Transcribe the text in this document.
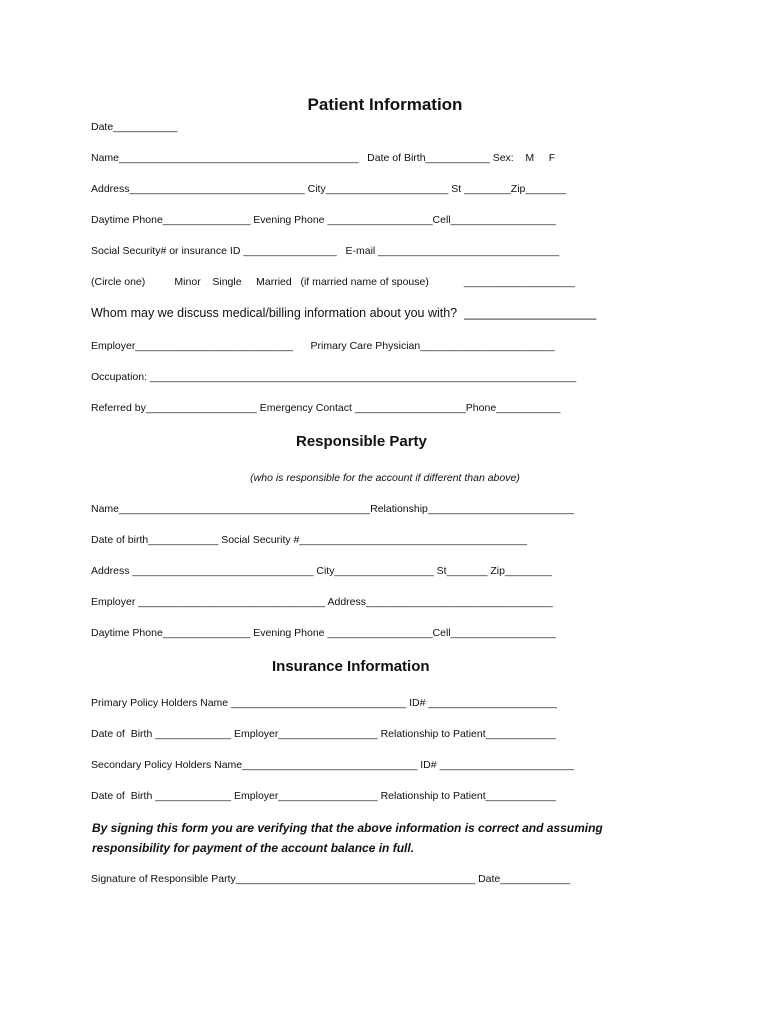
Patient Information
Date___________
Name_________________________________________   Date of Birth___________ Sex:    M     F
Address______________________________ City_____________________ St ________Zip_______
Daytime Phone_______________ Evening Phone __________________Cell__________________
Social Security# or insurance ID ________________   E-mail _______________________________
(Circle one)          Minor    Single     Married   (if married name of spouse)            ___________________
Whom may we discuss medical/billing information about you with?  ___________________
Employer___________________________      Primary Care Physician_______________________
Occupation: _________________________________________________________________________
Referred by___________________ Emergency Contact ___________________Phone___________
Responsible Party
(who is responsible for the account if different than above)
Name___________________________________________Relationship_________________________
Date of birth____________ Social Security #_______________________________________
Address _______________________________ City_________________ St_______ Zip________
Employer ________________________________ Address________________________________
Daytime Phone_______________ Evening Phone __________________Cell__________________
Insurance Information
Primary Policy Holders Name ______________________________ ID# ______________________
Date of  Birth _____________ Employer_________________ Relationship to Patient____________
Secondary Policy Holders Name______________________________ ID# _______________________
Date of  Birth _____________ Employer_________________ Relationship to Patient____________
By signing this form you are verifying that the above information is correct and assuming responsibility for payment of the account balance in full.
Signature of Responsible Party_________________________________________ Date____________
